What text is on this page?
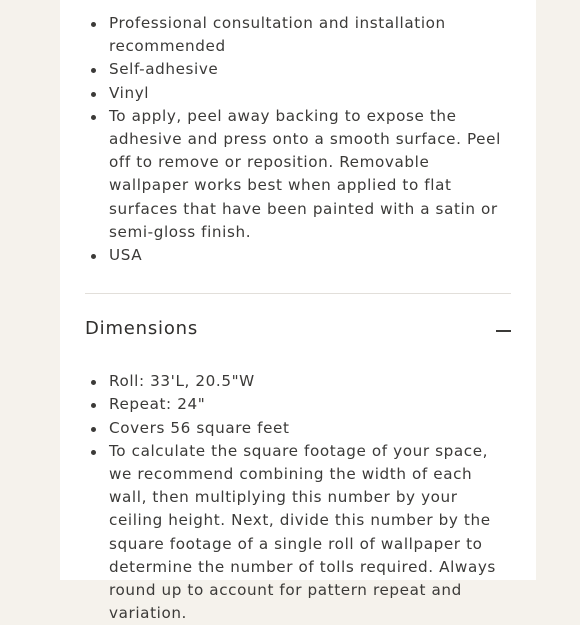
Professional consultation and installation recommended
Self-adhesive
Vinyl
To apply, peel away backing to expose the adhesive and press onto a smooth surface. Peel off to remove or reposition. Removable wallpaper works best when applied to flat surfaces that have been painted with a satin or semi-gloss finish.
USA
Dimensions
Roll: 33'L, 20.5"W
Repeat: 24"
Covers 56 square feet
To calculate the square footage of your space, we recommend combining the width of each wall, then multiplying this number by your ceiling height. Next, divide this number by the square footage of a single roll of wallpaper to determine the number of tolls required. Always round up to account for pattern repeat and variation.
